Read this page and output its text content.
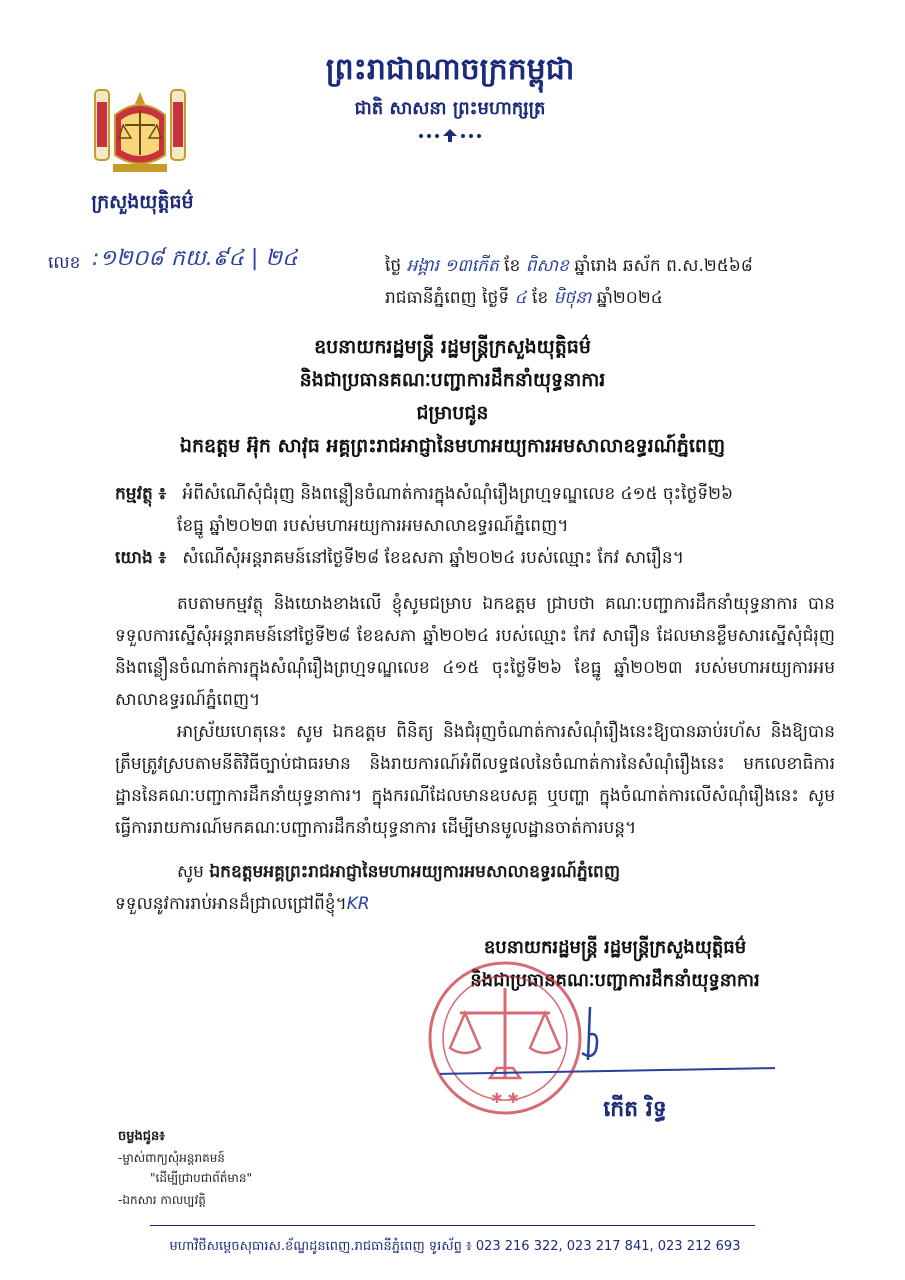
ព្រះរាជាណាចក្រកម្ពុជា
ជាតិ សាសនា ព្រះមហាក្សត្រ
ក្រសួងយុត្តិធម៌
លេខ :១២០៨ កយ.៩៤ | ២៤	ថ្ងៃ អង្គារ ១៣កើត ខែ ពិសាខ ឆ្នាំរោង ឆស័ក ព.ស.២៥៦៨
រាជធានីភ្នំពេញ ថ្ងៃទី ៤ ខែ មិថុនា ឆ្នាំ២០២៤
ឧបនាយករដ្ឋមន្ត្រី រដ្ឋមន្ត្រីក្រសួងយុត្តិធម៌
និងជាប្រធានគណៈបញ្ជាការដឹកនាំយុទ្ធនាការ
ជម្រាបជូន
ឯកឧត្តម អ៊ុក សាវុធ អគ្គព្រះរាជអាជ្ញានៃមហាអយ្យការអមសាលាឧទ្ធរណ៍ភ្នំពេញ
កម្មវត្ថុ ៖ អំពីសំណើសុំជំរុញ និងពន្លឿនចំណាត់ការក្នុងសំណុំរឿងព្រហ្មទណ្ឌលេខ ៤១៥ ចុះថ្ងៃទី២៦
ខែធ្នូ ឆ្នាំ២០២៣ របស់មហាអយ្យការអមសាលាឧទ្ធរណ៍ភ្នំពេញ។
យោង ៖ សំណើសុំអន្តរាគមន៍នៅថ្ងៃទី២៨ ខែឧសភា ឆ្នាំ២០២៤ របស់ឈ្មោះ កែវ សារឿន។
តបតាមកម្មវត្ថុ និងយោងខាងលើ ខ្ញុំសូមជម្រាប ឯកឧត្តម ជ្រាបថា គណៈបញ្ជាការដឹកនាំយុទ្ធនាការ បានទទួលការស្នើសុំអន្តរាគមន៍នៅថ្ងៃទី២៨ ខែឧសភា ឆ្នាំ២០២៤ របស់ឈ្មោះ កែវ សារឿន ដែលមានខ្លឹមសារស្នើសុំជំរុញ និងពន្លឿនចំណាត់ការក្នុងសំណុំរឿងព្រហ្មទណ្ឌលេខ ៤១៥ ចុះថ្ងៃទី២៦ ខែធ្នូ ឆ្នាំ២០២៣ របស់មហាអយ្យការអមសាលាឧទ្ធរណ៍ភ្នំពេញ។
អាស្រ័យហេតុនេះ សូម ឯកឧត្តម ពិនិត្យ និងជំរុញចំណាត់ការសំណុំរឿងនេះឱ្យបានឆាប់រហ័ស និងឱ្យបានត្រឹមត្រូវស្របតាមនីតិវិធីច្បាប់ជាធរមាន និងរាយការណ៍អំពីលទ្ធផលនៃចំណាត់ការនៃសំណុំរឿងនេះ មកលេខាធិការដ្ឋាននៃគណៈបញ្ជាការដឹកនាំយុទ្ធនាការ។ ក្នុងករណីដែលមានឧបសគ្គ ឬបញ្ហា ក្នុងចំណាត់ការលើសំណុំរឿងនេះ សូមធ្វើការរាយការណ៍មកគណៈបញ្ជាការដឹកនាំយុទ្ធនាការ ដើម្បីមានមូលដ្ឋានចាត់ការបន្ត។
សូម ឯកឧត្តមអគ្គព្រះរាជអាជ្ញានៃមហាអយ្យការអមសាលាឧទ្ធរណ៍ភ្នំពេញ
ទទួលនូវការរាប់អានដ៏ជ្រាលជ្រៅពីខ្ញុំ។KR
ឧបនាយករដ្ឋមន្ត្រី រដ្ឋមន្ត្រីក្រសួងយុត្តិធម៌
និងជាប្រធានគណៈបញ្ជាការដឹកនាំយុទ្ធនាការ
✱ ✱	កើត រិទ្ធ
ចម្លងជូន៖
-ម្ចាស់ពាក្យសុំអន្តរាគមន៍
"ដើម្បីជ្រាបជាព័ត៌មាន"
-ឯកសារ កាលប្បវត្តិ
មហាវិថីសម្ដេចសុធារស.ខ័ណ្ឌដូនពេញ.រាជធានីភ្នំពេញ ទូរស័ព្ទ ៖ 023 216 322, 023 217 841, 023 212 693
